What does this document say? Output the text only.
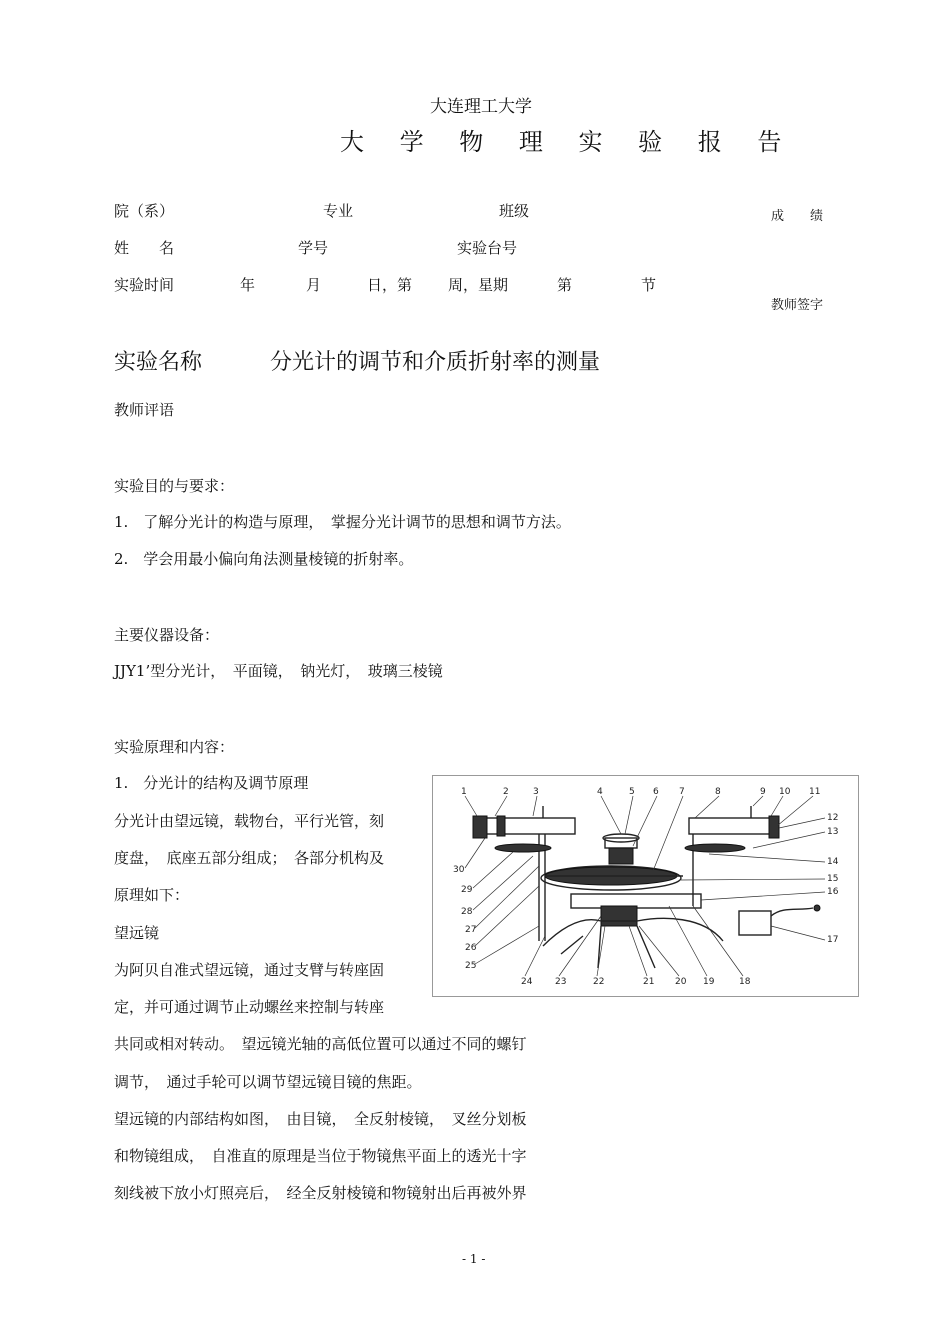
大连理工大学
大 学 物 理 实 验 报 告
院（系）	专业	班级	成　　绩
姓　　名	学号	实验台号
实验时间	年	月	日，第 周，星期	第	节
教师签字
实验名称	分光计的调节和介质折射率的测量
教师评语
实验目的与要求：
1.　了解分光计的构造与原理，　掌握分光计调节的思想和调节方法。
2.　学会用最小偏向角法测量棱镜的折射率。
主要仪器设备：
JJY1’型分光计，　平面镜，　钠光灯，　玻璃三棱镜
实验原理和内容：
1.　分光计的结构及调节原理
分光计由望远镜，载物台，平行光管，刻
度盘，　底座五部分组成；　各部分机构及
原理如下：
望远镜
为阿贝自准式望远镜，通过支臂与转座固
定，并可通过调节止动螺丝来控制与转座
共同或相对转动。　望远镜光轴的高低位置可以通过不同的螺钉
调节，　通过手轮可以调节望远镜目镜的焦距。
望远镜的内部结构如图，　由目镜，　全反射棱镜，　叉丝分划板
和物镜组成，　自准直的原理是当位于物镜焦平面上的透光十字
刻线被下放小灯照亮后，　经全反射棱镜和物镜射出后再被外界
1	2	3	4	5 6 7	8	9 10 11
12
13
14
15
16
17
18
19
20
21
22
23
24
25
26
27
28
29
30
- 1 -
